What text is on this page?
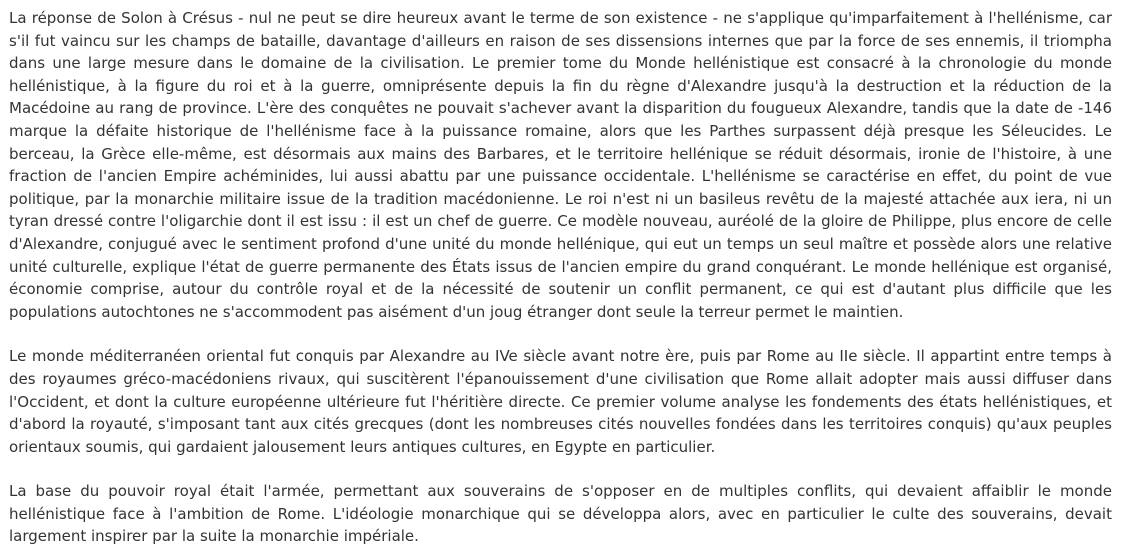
La réponse de Solon à Crésus - nul ne peut se dire heureux avant le terme de son existence - ne s'applique qu'imparfaitement à l'hellénisme, car s'il fut vaincu sur les champs de bataille, davantage d'ailleurs en raison de ses dissensions internes que par la force de ses ennemis, il triompha dans une large mesure dans le domaine de la civilisation. Le premier tome du Monde hellénistique est consacré à la chronologie du monde hellénistique, à la figure du roi et à la guerre, omniprésente depuis la fin du règne d'Alexandre jusqu'à la destruction et la réduction de la Macédoine au rang de province. L'ère des conquêtes ne pouvait s'achever avant la disparition du fougueux Alexandre, tandis que la date de -146 marque la défaite historique de l'hellénisme face à la puissance romaine, alors que les Parthes surpassent déjà presque les Séleucides. Le berceau, la Grèce elle-même, est désormais aux mains des Barbares, et le territoire hellénique se réduit désormais, ironie de l'histoire, à une fraction de l'ancien Empire achéminides, lui aussi abattu par une puissance occidentale. L'hellénisme se caractérise en effet, du point de vue politique, par la monarchie militaire issue de la tradition macédonienne. Le roi n'est ni un basileus revêtu de la majesté attachée aux iera, ni un tyran dressé contre l'oligarchie dont il est issu : il est un chef de guerre. Ce modèle nouveau, auréolé de la gloire de Philippe, plus encore de celle d'Alexandre, conjugué avec le sentiment profond d'une unité du monde hellénique, qui eut un temps un seul maître et possède alors une relative unité culturelle, explique l'état de guerre permanente des États issus de l'ancien empire du grand conquérant. Le monde hellénique est organisé, économie comprise, autour du contrôle royal et de la nécessité de soutenir un conflit permanent, ce qui est d'autant plus difficile que les populations autochtones ne s'accommodent pas aisément d'un joug étranger dont seule la terreur permet le maintien.

Le monde méditerranéen oriental fut conquis par Alexandre au IVe siècle avant notre ère, puis par Rome au IIe siècle. Il appartint entre temps à des royaumes gréco-macédoniens rivaux, qui suscitèrent l'épanouissement d'une civilisation que Rome allait adopter mais aussi diffuser dans l'Occident, et dont la culture européenne ultérieure fut l'héritière directe. Ce premier volume analyse les fondements des états hellénistiques, et d'abord la royauté, s'imposant tant aux cités grecques (dont les nombreuses cités nouvelles fondées dans les territoires conquis) qu'aux peuples orientaux soumis, qui gardaient jalousement leurs antiques cultures, en Egypte en particulier.

La base du pouvoir royal était l'armée, permettant aux souverains de s'opposer en de multiples conflits, qui devaient affaiblir le monde hellénistique face à l'ambition de Rome. L'idéologie monarchique qui se développa alors, avec en particulier le culte des souverains, devait largement inspirer par la suite la monarchie impériale.
